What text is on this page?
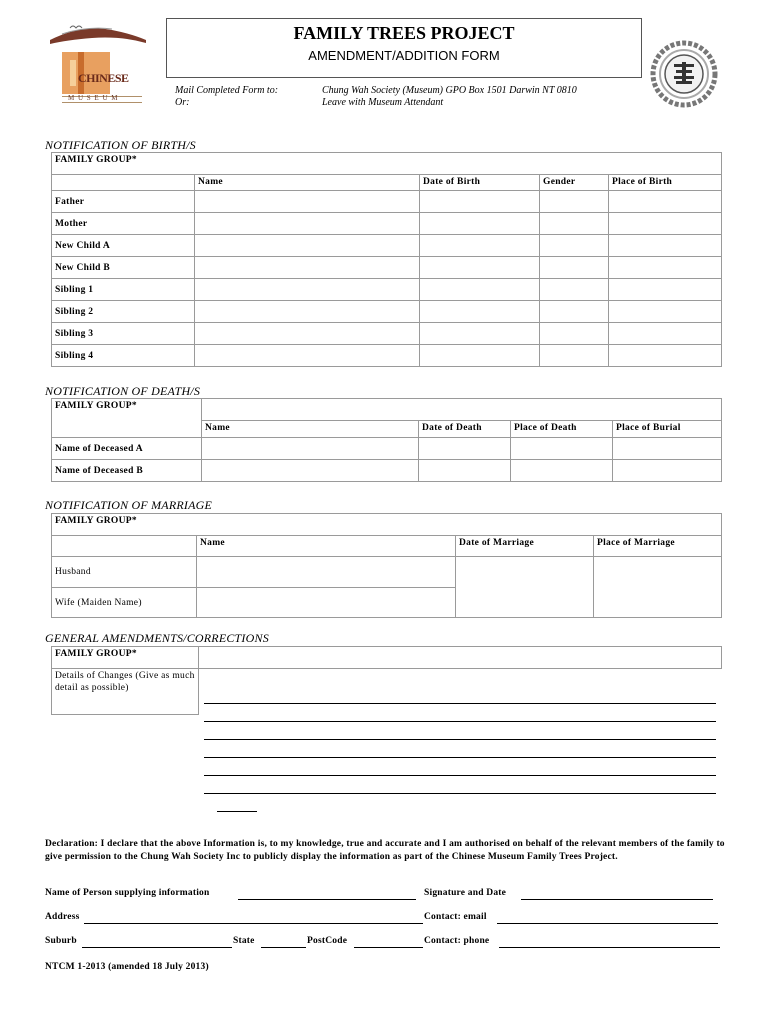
CHINESE
M U S E U M
FAMILY TREES PROJECT
AMENDMENT/ADDITION FORM
Mail Completed Form to:
Or:
Chung Wah Society (Museum) GPO Box 1501 Darwin NT 0810
Leave with Museum Attendant
NOTIFICATION OF BIRTH/S
FAMILY GROUP*				
	Name	Date of Birth	Gender	Place of Birth
Father				
Mother				
New Child A				
New Child B				
Sibling 1				
Sibling 2				
Sibling 3				
Sibling 4				
NOTIFICATION OF DEATH/S
FAMILY GROUP*				
	Name	Date of Death	Place of Death	Place of Burial
Name of Deceased A				
Name of Deceased B				
NOTIFICATION OF MARRIAGE
FAMILY GROUP*			
	Name	Date of Marriage	Place of Marriage
Husband			
Wife (Maiden Name)			
GENERAL AMENDMENTS/CORRECTIONS
FAMILY GROUP*	
Details of Changes (Give as much detail as possible)	
Declaration: I declare that the above Information is, to my knowledge, true and accurate and I am authorised on behalf of the relevant members of the family to give permission to the Chung Wah Society Inc to publicly display the information as part of the Chinese Museum Family Trees Project.
Name of Person supplying information	Signature and Date
Address	Contact: email
Suburb	State	PostCode	Contact: phone
NTCM 1-2013 (amended 18 July 2013)
